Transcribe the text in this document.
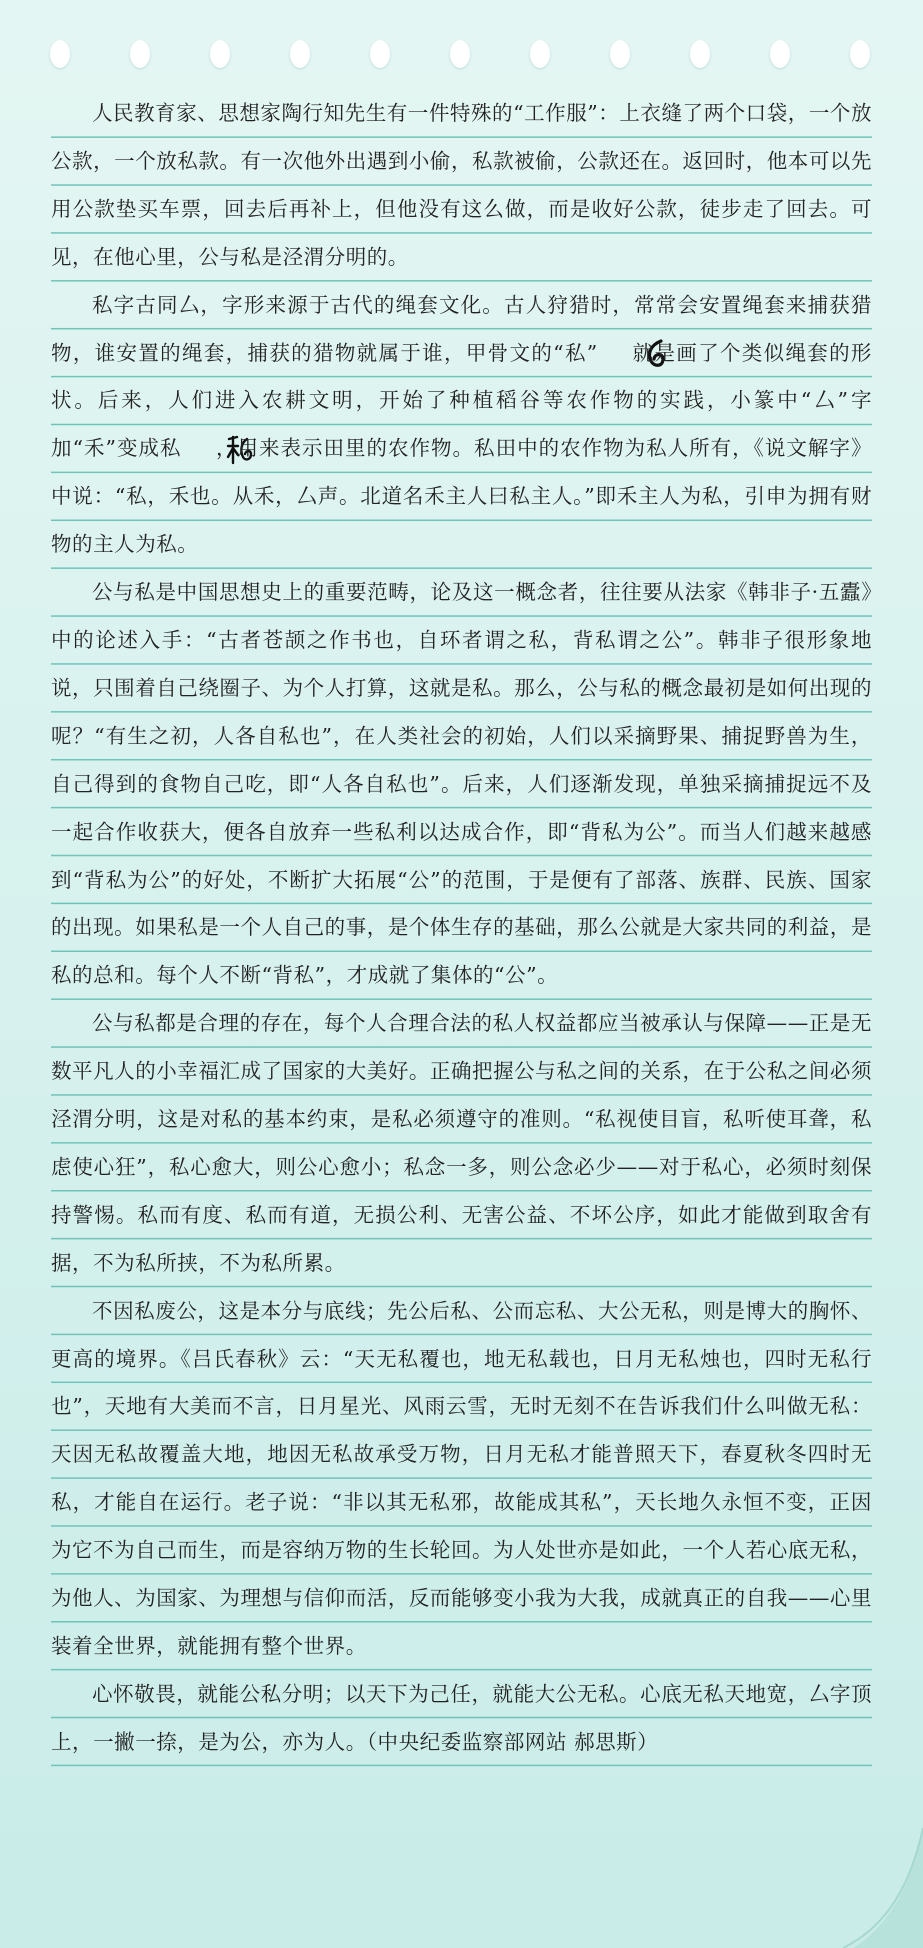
人民教育家、思想家陶行知先生有一件特殊的“工作服”：上衣缝了两个口袋，一个放公款，一个放私款。有一次他外出遇到小偷，私款被偷，公款还在。返回时，他本可以先用公款垫买车票，回去后再补上，但他没有这么做，而是收好公款，徒步走了回去。可见，在他心里，公与私是泾渭分明的。

私字古同厶，字形来源于古代的绳套文化。古人狩猎时，常常会安置绳套来捕获猎物，谁安置的绳套，捕获的猎物就属于谁，甲骨文的“私” 就是画了个类似绳套的形状。后来，人们进入农耕文明，开始了种植稻谷等农作物的实践，小篆中“厶”字加“禾”变成私 ，用来表示田里的农作物。私田中的农作物为私人所有，《说文解字》中说：“私，禾也。从禾，厶声。北道名禾主人曰私主人。”即禾主人为私，引申为拥有财物的主人为私。

公与私是中国思想史上的重要范畴，论及这一概念者，往往要从法家《韩非子·五蠹》中的论述入手：“古者苍颉之作书也，自环者谓之私，背私谓之公”。韩非子很形象地说，只围着自己绕圈子、为个人打算，这就是私。那么，公与私的概念最初是如何出现的呢？“有生之初，人各自私也”，在人类社会的初始，人们以采摘野果、捕捉野兽为生，自己得到的食物自己吃，即“人各自私也”。后来，人们逐渐发现，单独采摘捕捉远不及一起合作收获大，便各自放弃一些私利以达成合作，即“背私为公”。而当人们越来越感到“背私为公”的好处，不断扩大拓展“公”的范围，于是便有了部落、族群、民族、国家的出现。如果私是一个人自己的事，是个体生存的基础，那么公就是大家共同的利益，是私的总和。每个人不断“背私”，才成就了集体的“公”。

公与私都是合理的存在，每个人合理合法的私人权益都应当被承认与保障——正是无数平凡人的小幸福汇成了国家的大美好。正确把握公与私之间的关系，在于公私之间必须泾渭分明，这是对私的基本约束，是私必须遵守的准则。“私视使目盲，私听使耳聋，私虑使心狂”，私心愈大，则公心愈小；私念一多，则公念必少——对于私心，必须时刻保持警惕。私而有度、私而有道，无损公利、无害公益、不坏公序，如此才能做到取舍有据，不为私所挟，不为私所累。

不因私废公，这是本分与底线；先公后私、公而忘私、大公无私，则是博大的胸怀、更高的境界。《吕氏春秋》云：“天无私覆也，地无私载也，日月无私烛也，四时无私行也”，天地有大美而不言，日月星光、风雨云雪，无时无刻不在告诉我们什么叫做无私：天因无私故覆盖大地，地因无私故承受万物，日月无私才能普照天下，春夏秋冬四时无私，才能自在运行。老子说：“非以其无私邪，故能成其私”，天长地久永恒不变，正因为它不为自己而生，而是容纳万物的生长轮回。为人处世亦是如此，一个人若心底无私，为他人、为国家、为理想与信仰而活，反而能够变小我为大我，成就真正的自我——心里装着全世界，就能拥有整个世界。

心怀敬畏，就能公私分明；以天下为己任，就能大公无私。心底无私天地宽，厶字顶上，一撇一捺，是为公，亦为人。（中央纪委监察部网站 郝思斯）
